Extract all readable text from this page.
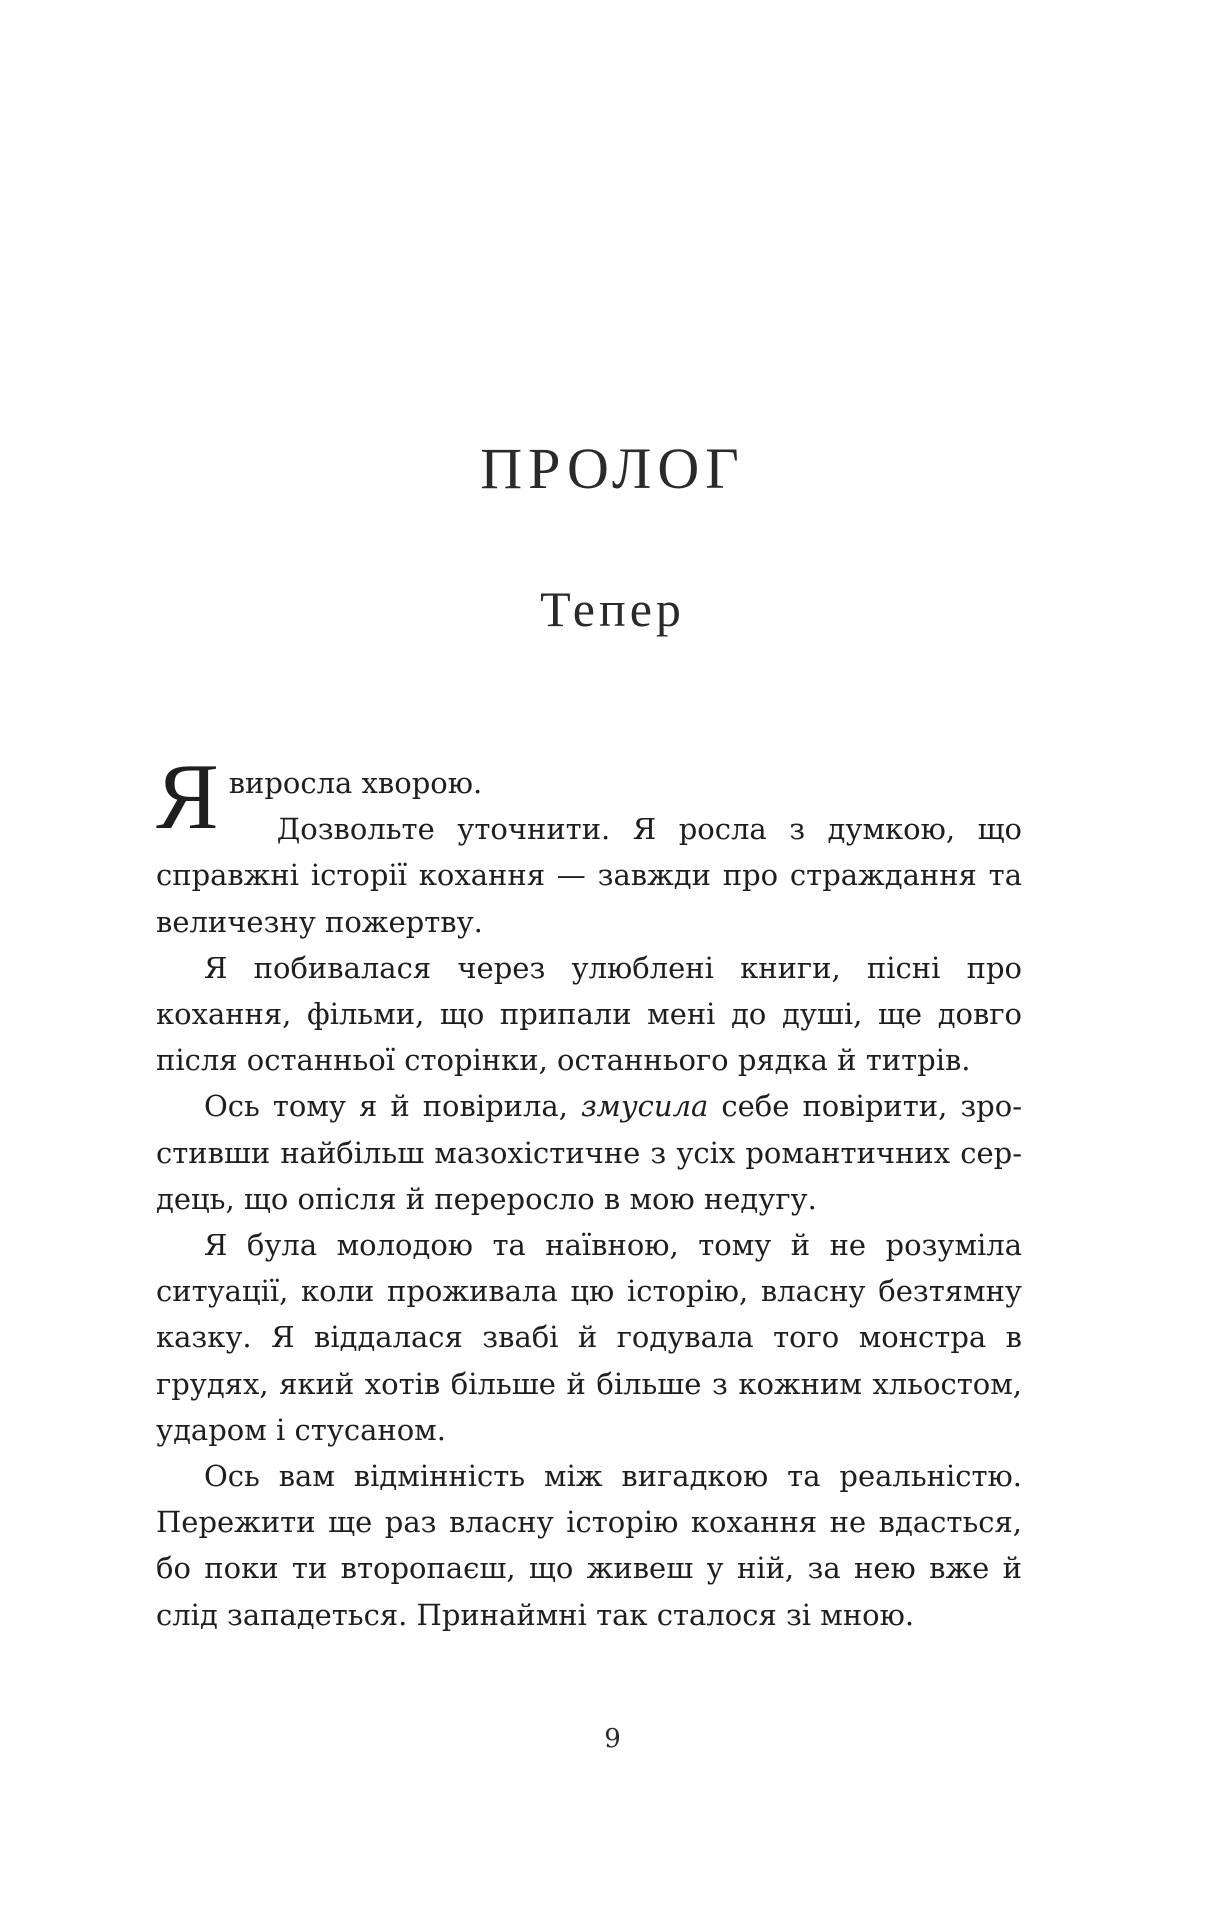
ПРОЛОГ
Тепер

Явиросла хворою.

Дозвольте уточнити. Я росла з думкою, що справжні історії кохання — завжди про страждання та величезну пожертву.

Я побивалася через улюблені книги, пісні про кохання, фільми, що припали мені до душі, ще довго після останньої сторінки, останнього рядка й титрів.

Ось тому я й повірила, змусила себе повірити, зростивши найбільш мазохістичне з усіх романтичних сердець, що опісля й переросло в мою недугу.

Я була молодою та наївною, тому й не розуміла ситуації, коли проживала цю історію, власну безтямну казку. Я віддалася звабі й годувала того монстра в грудях, який хотів більше й більше з кожним хльостом, ударом і стусаном.

Ось вам відмінність між вигадкою та реальністю. Пережити ще раз власну історію кохання не вдасться, бо поки ти второпаєш, що живеш у ній, за нею вже й слід западеться. Принаймні так сталося зі мною.

9
